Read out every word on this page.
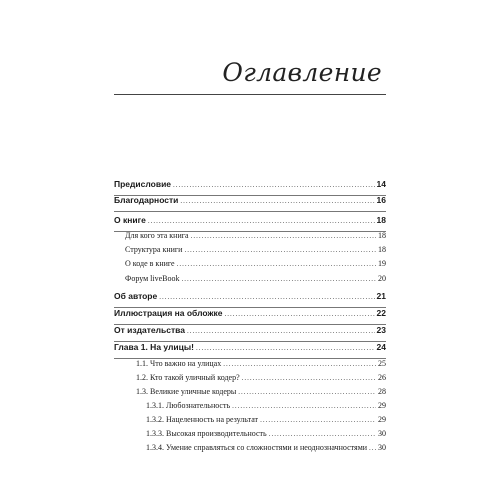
Оглавление
Предисловие .....	14
Благодарности .....	16
О книге .....	18
Для кого эта книга .....	18
Структура книги .....	18
О коде в книге .....	19
Форум liveBook .....	20
Об авторе .....	21
Иллюстрация на обложке .....	22
От издательства .....	23
Глава 1. На улицы! .....	24
1.1. Что важно на улицах .....	25
1.2. Кто такой уличный кодер? .....	26
1.3. Великие уличные кодеры .....	28
1.3.1. Любознательность .....	29
1.3.2. Нацеленность на результат .....	29
1.3.3. Высокая производительность .....	30
1.3.4. Умение справляться со сложностями и неоднозначностями ..... 30
